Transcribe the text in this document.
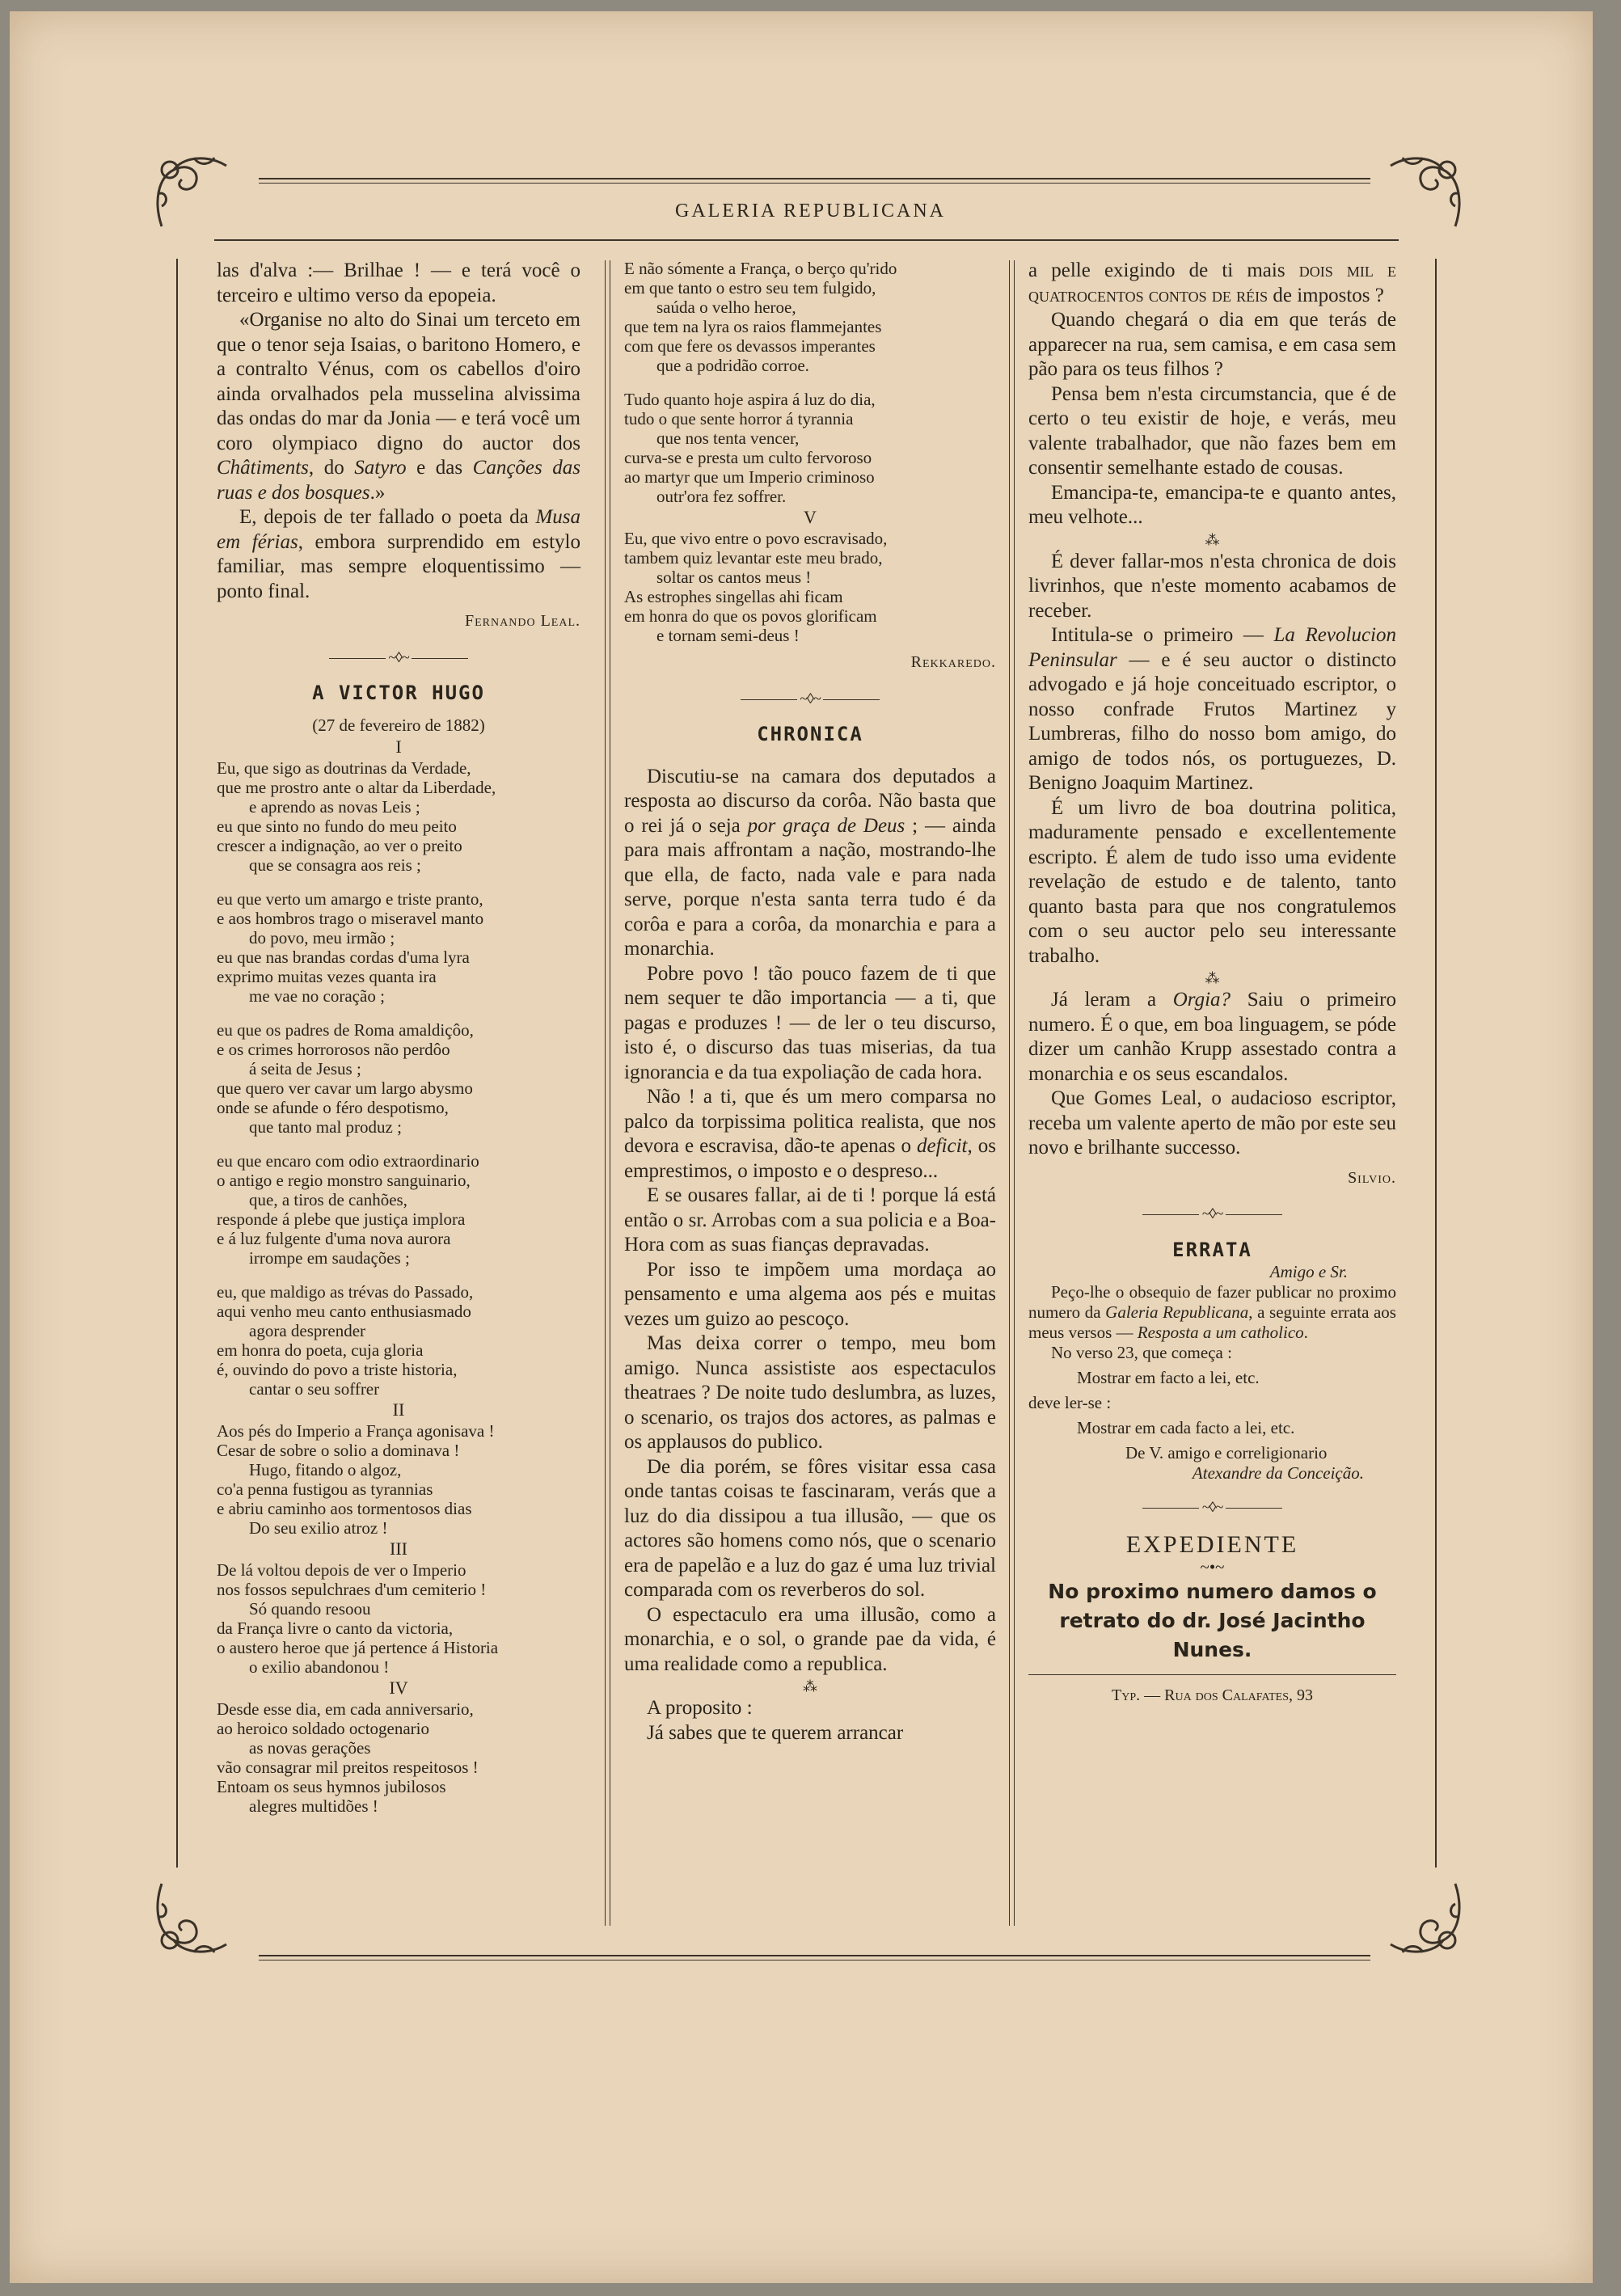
GALERIA REPUBLICANA

las d'alva :— Brilhae ! — e terá você o terceiro e ultimo verso da epopeia.

«Organise no alto do Sinai um terceto em que o tenor seja Isaias, o baritono Homero, e a contralto Vénus, com os cabellos d'oiro ainda orvalhados pela musselina alvissima das ondas do mar da Jonia — e terá você um coro olympiaco digno do auctor dos Châtiments, do Satyro e das Canções das ruas e dos bosques.»

E, depois de ter fallado o poeta da Musa em férias, embora surprendido em estylo familiar, mas sempre eloquentissimo — ponto final.

Fernando Leal.
~◊~
A VICTOR HUGO
(27 de fevereiro de 1882)
I
Eu, que sigo as doutrinas da Verdade,
que me prostro ante o altar da Liberdade,
e aprendo as novas Leis ;
eu que sinto no fundo do meu peito
crescer a indignação, ao ver o preito
que se consagra aos reis ;
eu que verto um amargo e triste pranto,
e aos hombros trago o miseravel manto
do povo, meu irmão ;
eu que nas brandas cordas d'uma lyra
exprimo muitas vezes quanta ira
me vae no coração ;
eu que os padres de Roma amaldiçôo,
e os crimes horrorosos não perdôo
á seita de Jesus ;
que quero ver cavar um largo abysmo
onde se afunde o féro despotismo,
que tanto mal produz ;
eu que encaro com odio extraordinario
o antigo e regio monstro sanguinario,
que, a tiros de canhões,
responde á plebe que justiça implora
e á luz fulgente d'uma nova aurora
irrompe em saudações ;
eu, que maldigo as trévas do Passado,
aqui venho meu canto enthusiasmado
agora desprender
em honra do poeta, cuja gloria
é, ouvindo do povo a triste historia,
cantar o seu soffrer
II
Aos pés do Imperio a França agonisava !
Cesar de sobre o solio a dominava !
Hugo, fitando o algoz,
co'a penna fustigou as tyrannias
e abriu caminho aos tormentosos dias
Do seu exilio atroz !
III
De lá voltou depois de ver o Imperio
nos fossos sepulchraes d'um cemiterio !
Só quando resoou
da França livre o canto da victoria,
o austero heroe que já pertence á Historia
o exilio abandonou !
IV
Desde esse dia, em cada anniversario,
ao heroico soldado octogenario
as novas gerações
vão consagrar mil preitos respeitosos !
Entoam os seus hymnos jubilosos
alegres multidões !
E não sómente a França, o berço qu'rido
em que tanto o estro seu tem fulgido,
saúda o velho heroe,
que tem na lyra os raios flammejantes
com que fere os devassos imperantes
que a podridão corroe.
Tudo quanto hoje aspira á luz do dia,
tudo o que sente horror á tyrannia
que nos tenta vencer,
curva-se e presta um culto fervoroso
ao martyr que um Imperio criminoso
outr'ora fez soffrer.
V
Eu, que vivo entre o povo escravisado,
tambem quiz levantar este meu brado,
soltar os cantos meus !
As estrophes singellas ahi ficam
em honra do que os povos glorificam
e tornam semi-deus !
Rekkaredo.
~◊~
CHRONICA

Discutiu-se na camara dos deputados a resposta ao discurso da corôa. Não basta que o rei já o seja por graça de Deus ; — ainda para mais affrontam a nação, mostrando-lhe que ella, de facto, nada vale e para nada serve, porque n'esta santa terra tudo é da corôa e para a corôa, da monarchia e para a monarchia.

Pobre povo ! tão pouco fazem de ti que nem sequer te dão importancia — a ti, que pagas e produzes ! — de ler o teu discurso, isto é, o discurso das tuas miserias, da tua ignorancia e da tua expoliação de cada hora.

Não ! a ti, que és um mero comparsa no palco da torpissima politica realista, que nos devora e escravisa, dão-te apenas o deficit, os emprestimos, o imposto e o despreso...

E se ousares fallar, ai de ti ! porque lá está então o sr. Arrobas com a sua policia e a Boa-Hora com as suas fianças depravadas.

Por isso te impõem uma mordaça ao pensamento e uma algema aos pés e muitas vezes um guizo ao pescoço.

Mas deixa correr o tempo, meu bom amigo. Nunca assististe aos espectaculos theatraes ? De noite tudo deslumbra, as luzes, o scenario, os trajos dos actores, as palmas e os applausos do publico.

De dia porém, se fôres visitar essa casa onde tantas coisas te fascinaram, verás que a luz do dia dissipou a tua illusão, — que os actores são homens como nós, que o scenario era de papelão e a luz do gaz é uma luz trivial comparada com os reverberos do sol.

O espectaculo era uma illusão, como a monarchia, e o sol, o grande pae da vida, é uma realidade como a republica.

⁂

A proposito :

Já sabes que te querem arrancar

a pelle exigindo de ti mais dois mil e quatrocentos contos de réis de impostos ?

Quando chegará o dia em que terás de apparecer na rua, sem camisa, e em casa sem pão para os teus filhos ?

Pensa bem n'esta circumstancia, que é de certo o teu existir de hoje, e verás, meu valente trabalhador, que não fazes bem em consentir semelhante estado de cousas.

Emancipa-te, emancipa-te e quanto antes, meu velhote...

⁂

É dever fallar-mos n'esta chronica de dois livrinhos, que n'este momento acabamos de receber.

Intitula-se o primeiro — La Revolucion Peninsular — e é seu auctor o distincto advogado e já hoje conceituado escriptor, o nosso confrade Frutos Martinez y Lumbreras, filho do nosso bom amigo, do amigo de todos nós, os portuguezes, D. Benigno Joaquim Martinez.

É um livro de boa doutrina politica, maduramente pensado e excellentemente escripto. É alem de tudo isso uma evidente revelação de estudo e de talento, tanto quanto basta para que nos congratulemos com o seu auctor pelo seu interessante trabalho.

⁂

Já leram a Orgia? Saiu o primeiro numero. É o que, em boa linguagem, se póde dizer um canhão Krupp assestado contra a monarchia e os seus escandalos.

Que Gomes Leal, o audacioso escriptor, receba um valente aperto de mão por este seu novo e brilhante successo.

Silvio.
~◊~
ERRATA
Amigo e Sr.

Peço-lhe o obsequio de fazer publicar no proximo numero da Galeria Republicana, a seguinte errata aos meus versos — Resposta a um catholico.

No verso 23, que começa :

Mostrar em facto a lei, etc.

deve ler-se :

Mostrar em cada facto a lei, etc.

De V. amigo e correligionario

Atexandre da Conceição.

~◊~
EXPEDIENTE
~•~
No proximo numero damos o retrato do dr. José Jacintho Nunes.
Typ. — Rua dos Calafates, 93
